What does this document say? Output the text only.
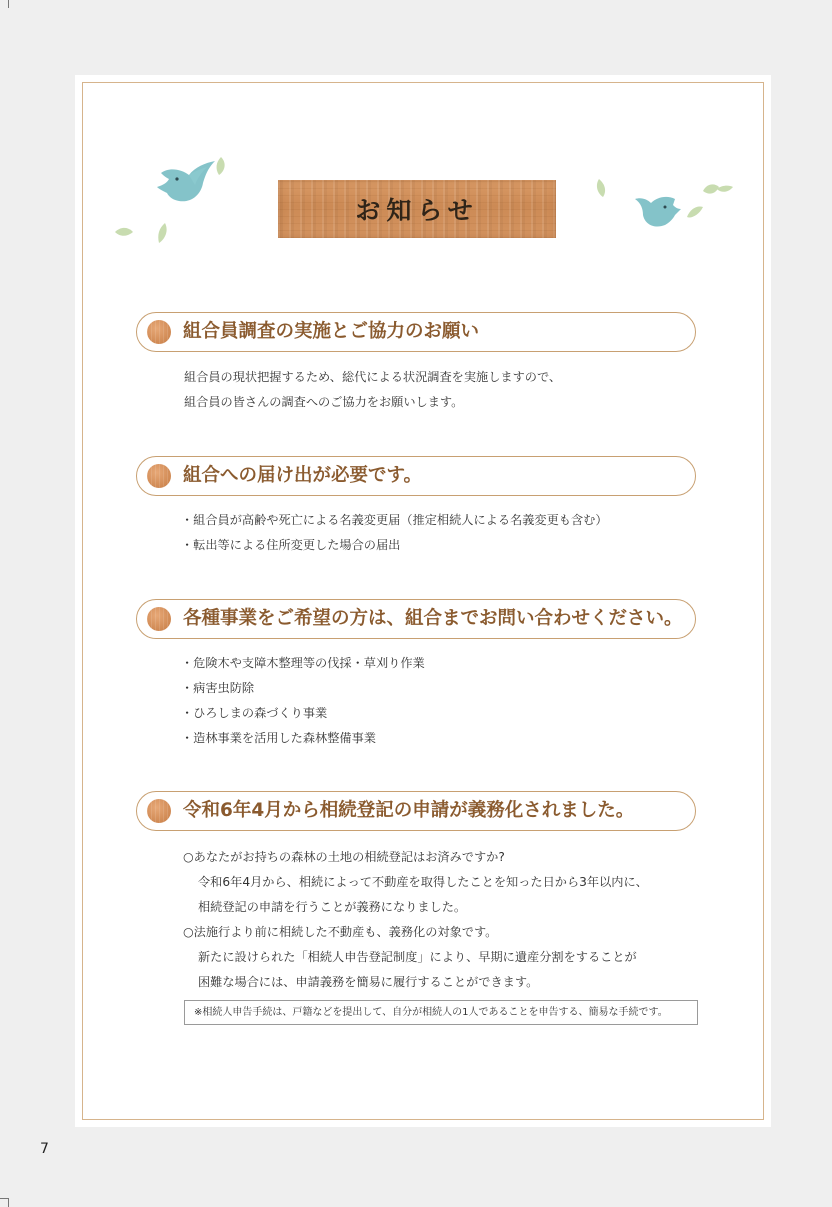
お知らせ
組合員調査の実施とご協力のお願い
組合員の現状把握するため、総代による状況調査を実施しますので、
組合員の皆さんの調査へのご協力をお願いします。
組合への届け出が必要です。
・組合員が高齢や死亡による名義変更届（推定相続人による名義変更も含む）
・転出等による住所変更した場合の届出
各種事業をご希望の方は、組合までお問い合わせください。
・危険木や支障木整理等の伐採・草刈り作業
・病害虫防除
・ひろしまの森づくり事業
・造林事業を活用した森林整備事業
令和6年4月から相続登記の申請が義務化されました。
○あなたがお持ちの森林の土地の相続登記はお済みですか?
令和6年4月から、相続によって不動産を取得したことを知った日から3年以内に、
相続登記の申請を行うことが義務になりました。
○法施行より前に相続した不動産も、義務化の対象です。
新たに設けられた「相続人申告登記制度」により、早期に遺産分割をすることが
困難な場合には、申請義務を簡易に履行することができます。
※相続人申告手続は、戸籍などを提出して、自分が相続人の1人であることを申告する、簡易な手続です。
7
